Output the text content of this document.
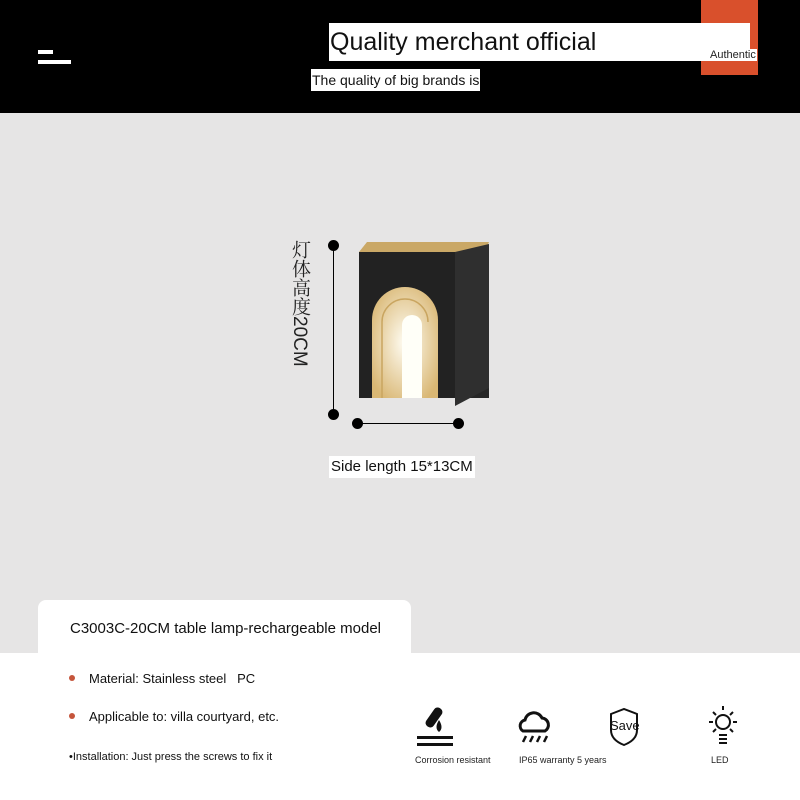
Quality merchant official	Authentic
The quality of big brands is
灯体高度20CM
Side length 15*13CM
C3003C-20CM table lamp-rechargeable model
Material: Stainless steel   PC
Applicable to: villa courtyard, etc.
•Installation: Just press the screws to fix it	Corrosion resistant	IP65 warranty 5 years
Save
LED
